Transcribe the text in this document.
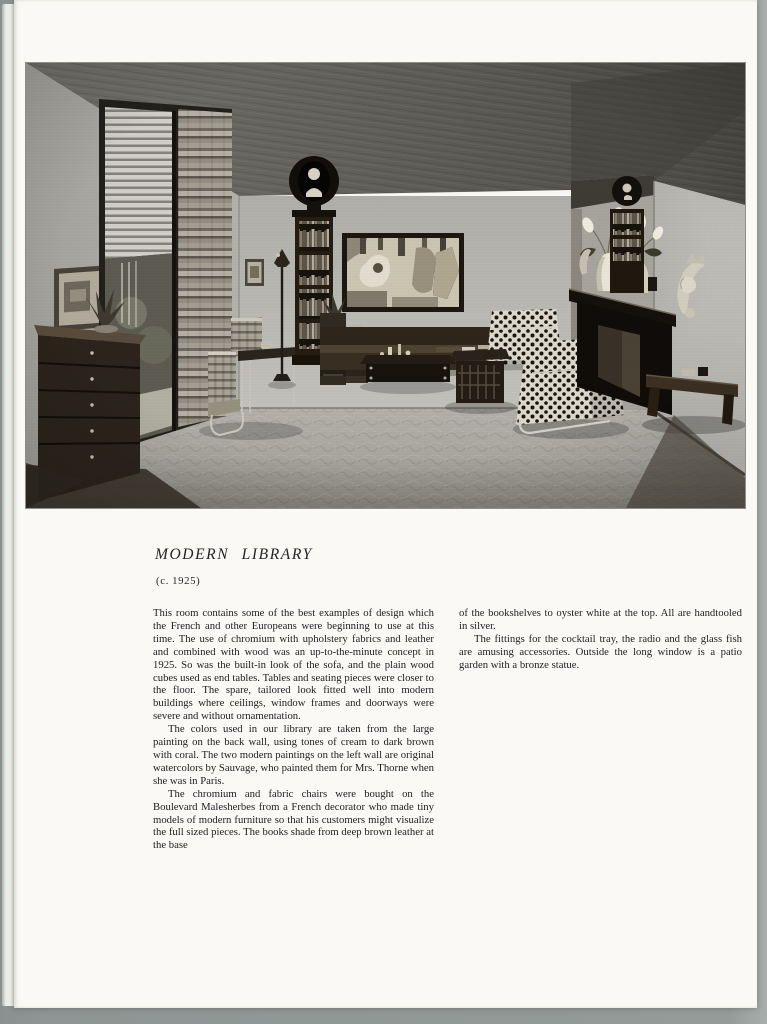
MODERN LIBRARY
(c. 1925)

This room contains some of the best examples of design which the French and other Europeans were beginning to use at this time. The use of chromium with upholstery fabrics and leather and combined with wood was an up-to-the-minute concept in 1925. So was the built-in look of the sofa, and the plain wood cubes used as end tables. Tables and seating pieces were closer to the floor. The spare, tailored look fitted well into modern buildings where ceilings, window frames and doorways were severe and without ornamentation.

The colors used in our library are taken from the large painting on the back wall, using tones of cream to dark brown with coral. The two modern paintings on the left wall are original watercolors by Sauvage, who painted them for Mrs. Thorne when she was in Paris.

The chromium and fabric chairs were bought on the Boulevard Malesherbes from a French decorator who made tiny models of modern furniture so that his customers might visualize the full sized pieces. The books shade from deep brown leather at the base

of the bookshelves to oyster white at the top. All are handtooled in silver.

The fittings for the cocktail tray, the radio and the glass fish are amusing accessories. Outside the long window is a patio garden with a bronze statue.
